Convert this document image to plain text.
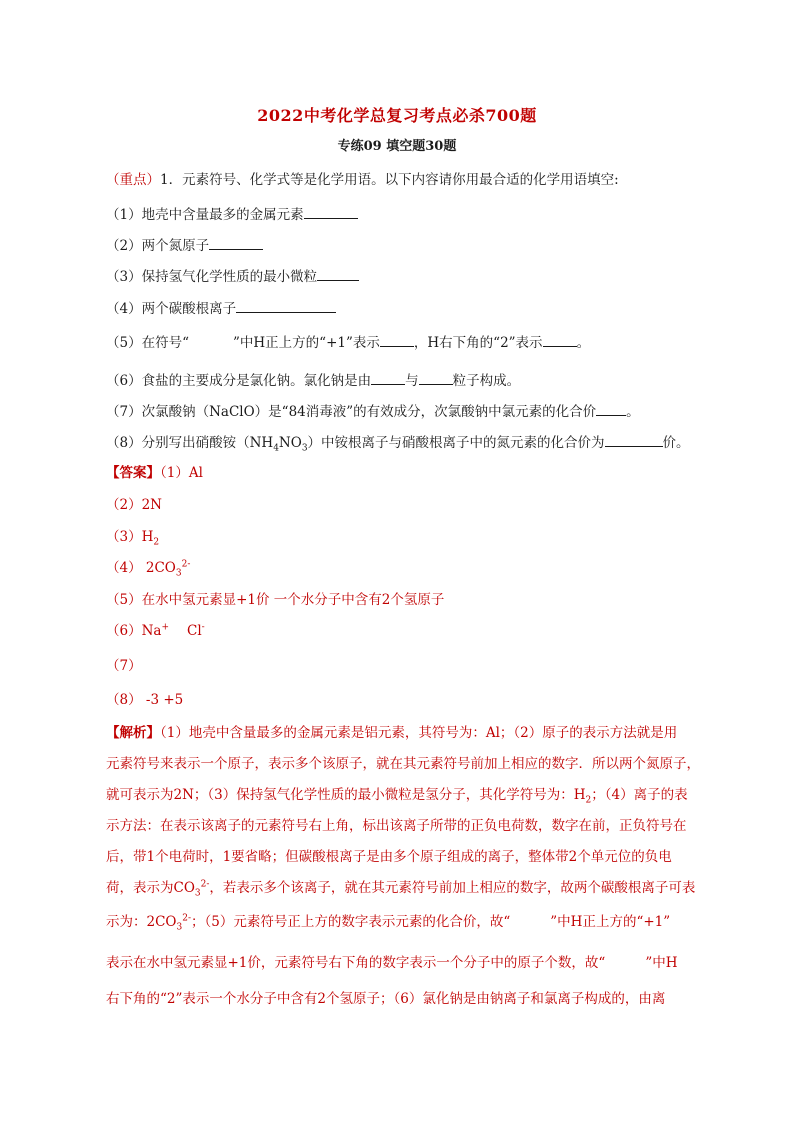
2022中考化学总复习考点必杀700题
专练09 填空题30题
（重点）1．元素符号、化学式等是化学用语。以下内容请你用最合适的化学用语填空:
（1）地壳中含量最多的金属元素
（2）两个氮原子
（3）保持氢气化学性质的最小微粒
（4）两个碳酸根离子
（5）在符号“	”中H正上方的“+1”表示	，H右下角的“2”表示	。
（6）食盐的主要成分是氯化钠。氯化钠是由	与	粒子构成。
（7）次氯酸钠（NaClO）是“84消毒液”的有效成分，次氯酸钠中氯元素的化合价 。
（8）分别写出硝酸铵$(NH_4NO_3)$中铵根离子与硝酸根离子中的氮元素的化合价为	价。
【答案】（1）Al
（2）2N
$(3)H_2$
（4） $2CO_3^{2-}$
（5）在水中氢元素显+1价 一个水分子中含有2个氢原子
（6）Na+ Cl-
（7）
（8） -3 +5
【解析】（1）地壳中含量最多的金属元素是铝元素，其符号为：Al；（2）原子的表示方法就是用
元素符号来表示一个原子，表示多个该原子，就在其元素符号前加上相应的数字．所以两个氮原子，
就可表示为2N；（3）保持氢气化学性质的最小微粒是氢分子，其化学符号为：$H_2$；（4）离子的表
示方法：在表示该离子的元素符号右上角，标出该离子所带的正负电荷数，数字在前，正负符号在
后，带1个电荷时，1要省略；但碳酸根离子是由多个原子组成的离子，整体带2个单元位的负电
荷，表示为$CO_3^{2-}$，若表示多个该离子，就在其元素符号前加上相应的数字，故两个碳酸根离子可表
示为：$2CO_3^{2-}$；（5）元素符号正上方的数字表示元素的化合价，故“	”中H正上方的“+1”
表示在水中氢元素显+1价，元素符号右下角的数字表示一个分子中的原子个数，故“	”中H
右下角的“2”表示一个水分子中含有2个氢原子；（6）氯化钠是由钠离子和氯离子构成的，由离
